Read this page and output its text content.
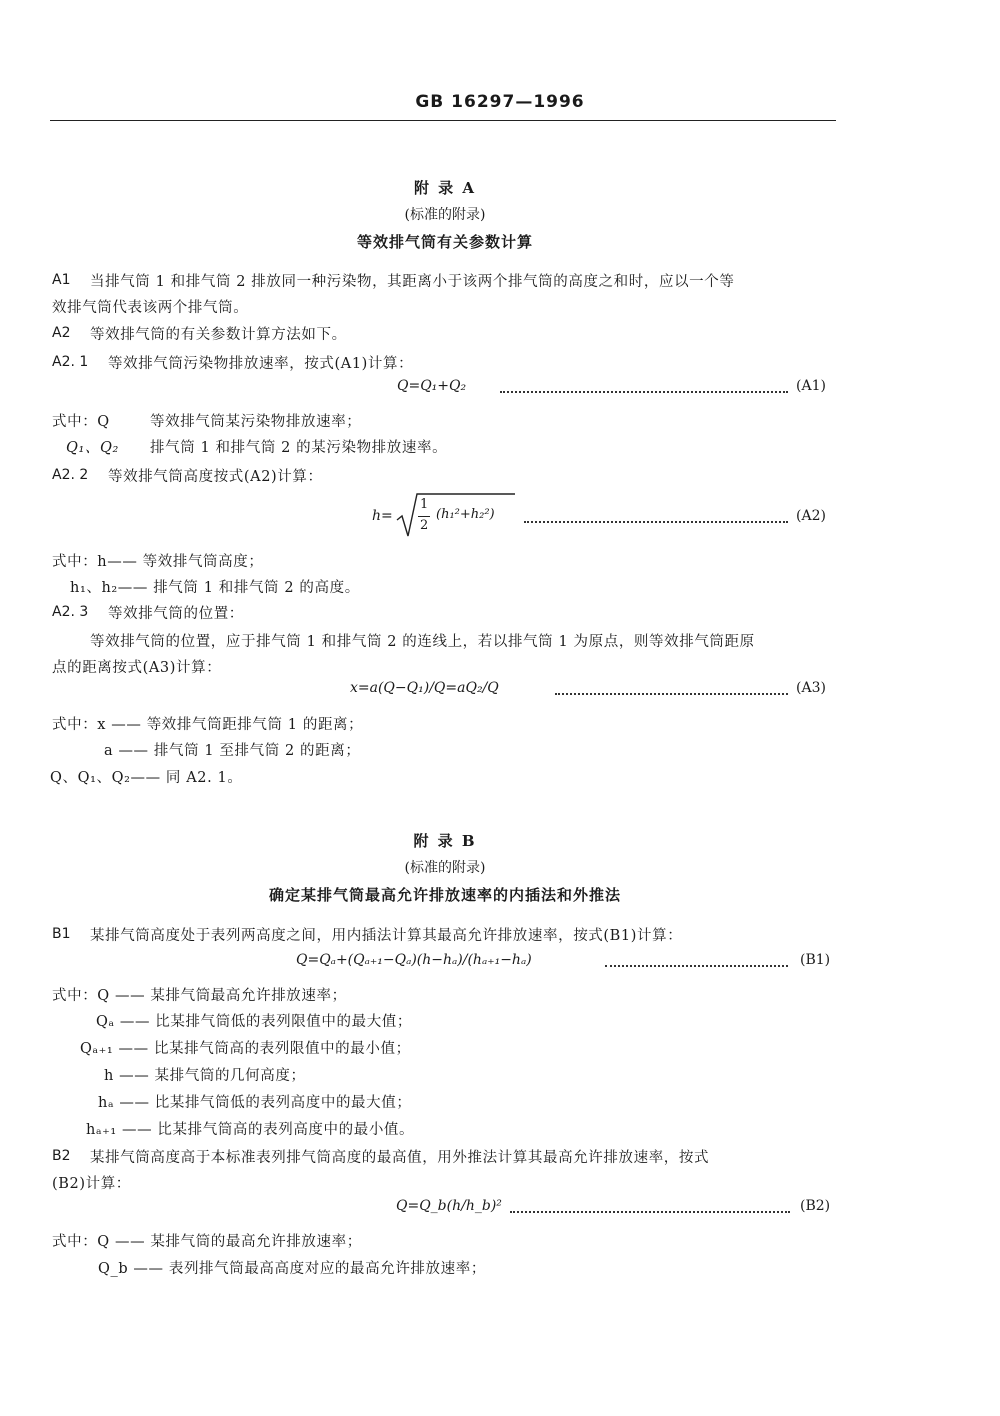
GB 16297—1996
附 录 A
(标准的附录)
等效排气筒有关参数计算
A1 当排气筒 1 和排气筒 2 排放同一种污染物，其距离小于该两个排气筒的高度之和时，应以一个等
效排气筒代表该两个排气筒。
A2 等效排气筒的有关参数计算方法如下。
A2. 1 等效排气筒污染物排放速率，按式(A1)计算：
Q=Q₁+Q₂	(A1)
式中：Q	等效排气筒某污染物排放速率；
Q₁、Q₂ 排气筒 1 和排气筒 2 的某污染物排放速率。
A2. 2 等效排气筒高度按式(A2)计算：
h=
1
2
(h₁²+h₂²)	(A2)
式中：h—— 等效排气筒高度；
h₁、h₂—— 排气筒 1 和排气筒 2 的高度。
A2. 3 等效排气筒的位置：
等效排气筒的位置，应于排气筒 1 和排气筒 2 的连线上，若以排气筒 1 为原点，则等效排气筒距原
点的距离按式(A3)计算：
x=a(Q−Q₁)/Q=aQ₂/Q	(A3)
式中：x —— 等效排气筒距排气筒 1 的距离；
a —— 排气筒 1 至排气筒 2 的距离；
Q、Q₁、Q₂—— 同 A2. 1。
附 录 B
(标准的附录)
确定某排气筒最高允许排放速率的内插法和外推法
B1 某排气筒高度处于表列两高度之间，用内插法计算其最高允许排放速率，按式(B1)计算：
Q=Qₐ+(Qₐ₊₁−Qₐ)(h−hₐ)/(hₐ₊₁−hₐ)	(B1)
式中：Q —— 某排气筒最高允许排放速率；
Qₐ —— 比某排气筒低的表列限值中的最大值；
Qₐ₊₁ —— 比某排气筒高的表列限值中的最小值；
h —— 某排气筒的几何高度；
hₐ —— 比某排气筒低的表列高度中的最大值；
hₐ₊₁ —— 比某排气筒高的表列高度中的最小值。
B2 某排气筒高度高于本标准表列排气筒高度的最高值，用外推法计算其最高允许排放速率，按式
(B2)计算：
Q=Q_b(h/h_b)²	(B2)
式中：Q —— 某排气筒的最高允许排放速率；
Q_b —— 表列排气筒最高高度对应的最高允许排放速率；
